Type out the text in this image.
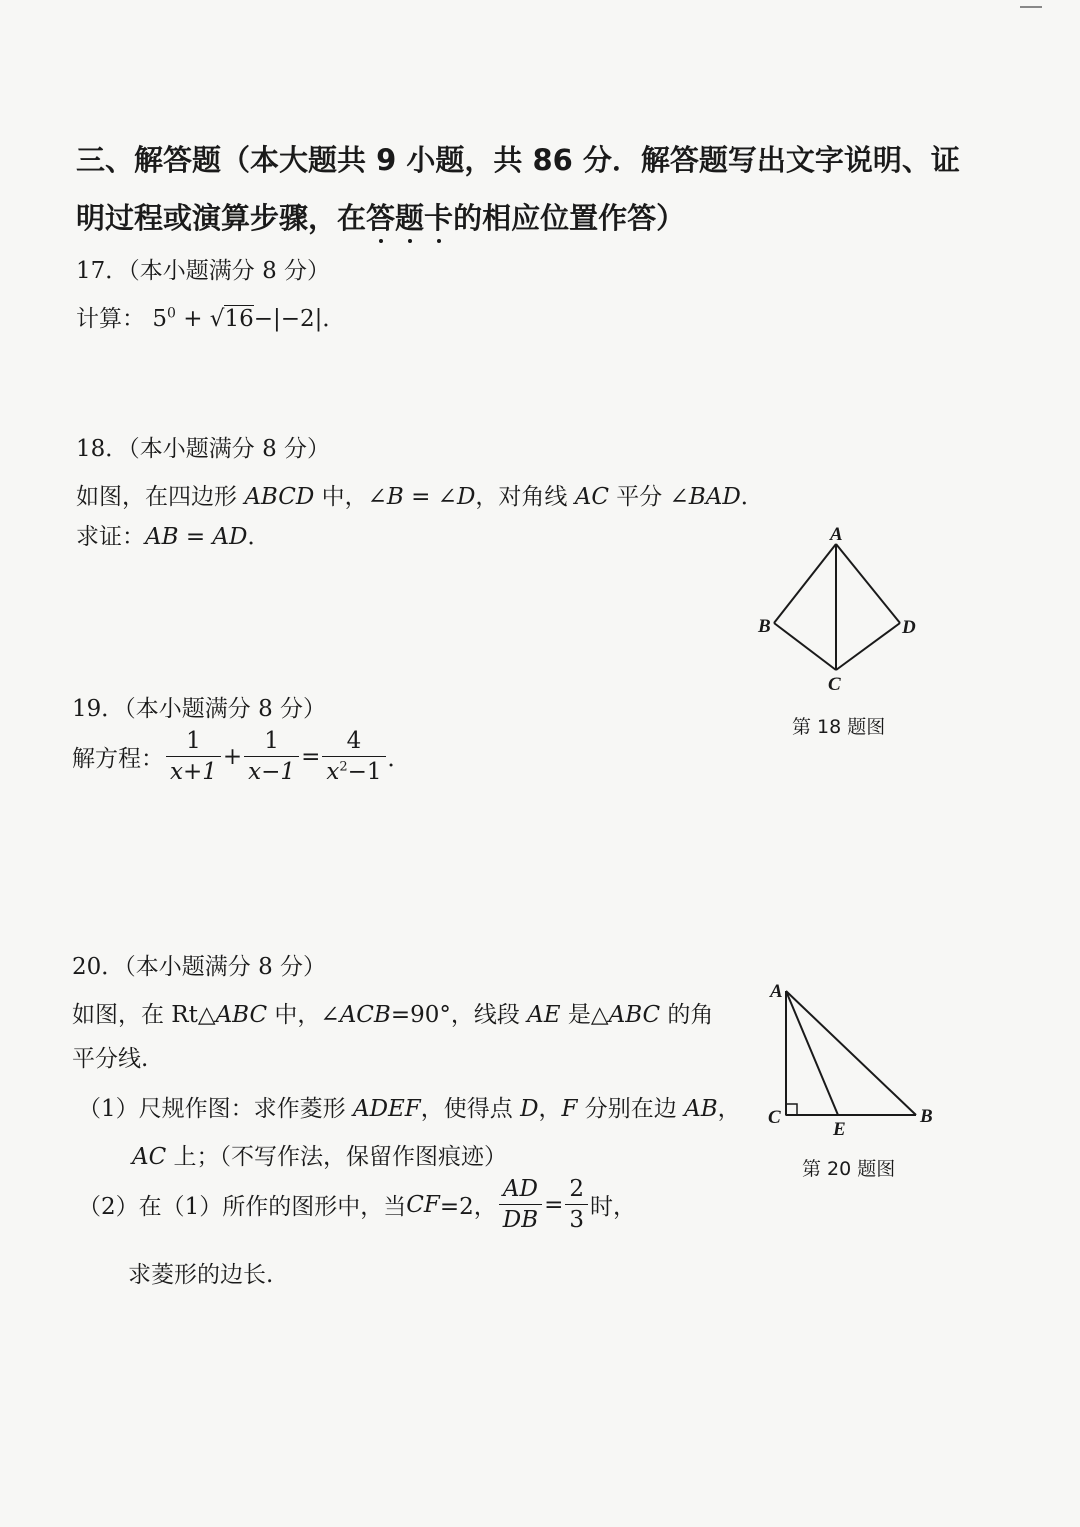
三、解答题（本大题共 9 小题，共 86 分．解答题写出文字说明、证
明过程或演算步骤，在答题卡的相应位置作答）
17．（本小题满分 8 分）
计算： $5^0 + √16-|-2|$．
18．（本小题满分 8 分）
如图，在四边形 ABCD 中，∠B = ∠D，对角线 AC 平分 ∠BAD．
求证：AB = AD．	A
B
C
D
第 18 题图
19．（本小题满分 8 分）
解方程： $\frac{1}{x+1} + \frac{1}{x-1} = \frac{4}{x^2-1}$ ．
20．（本小题满分 8 分）
如图，在 Rt△ABC 中，∠ACB=90°，线段 AE 是△ABC 的角
平分线.
（1）尺规作图：求作菱形 ADEF，使得点 D，F 分别在边 AB，
AC 上；（不写作法，保留作图痕迹）
（2）在（1）所作的图形中，当 CF =2， $\frac{AD}{DB} = \frac{2}{3}$ 时，
求菱形的边长.
A
C	B
E
第 20 题图
